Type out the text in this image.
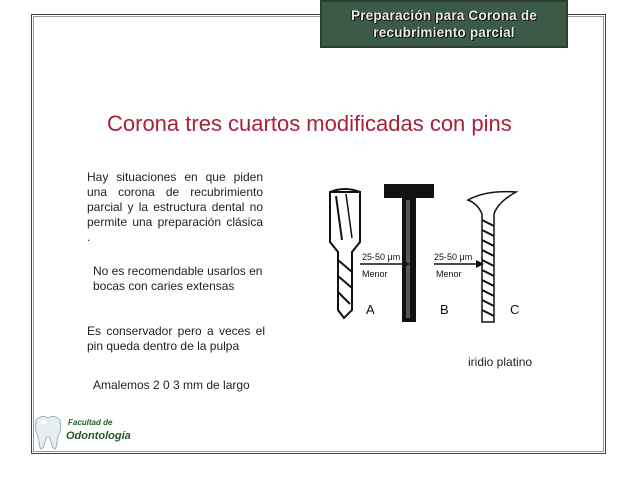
Preparación para Corona de
recubrimiento parcial
Corona tres cuartos modificadas con pins
Hay situaciones en que piden una corona de recubrimiento parcial y la estructura dental no permite una preparación clásica .
No es recomendable usarlos en bocas con caries extensas
Es conservador pero a veces el pin queda dentro de la pulpa
Amalemos 2 0 3 mm de largo
25-50 μm
Menor
25-50 μm
Menor
A	B	C
iridio platino
Facultad de
Odontología
